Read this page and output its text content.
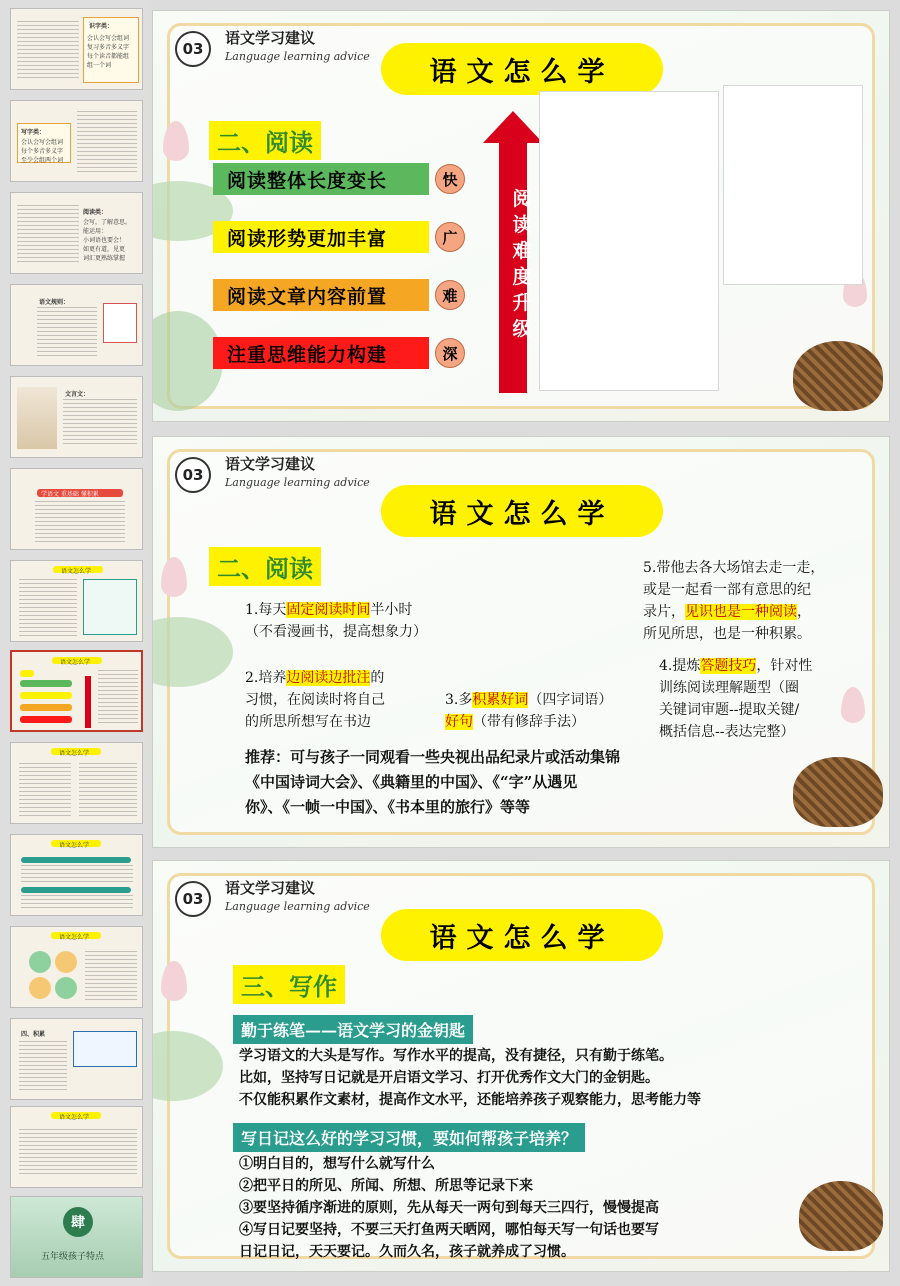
识字类：
会认会写会组词
复习多音多义字
每个读音都能组
组一个词
写字类：
会认会写会组词
每个多音多义字
至少会组两个词
阅读类：
会写，了解意思。
能运用：
小词语也要会！
如更有道，见更
词汇更熟练掌握
语文规则：
文言文：
学语文 重基础 懂积累
语文怎么学
语文怎么学
语文怎么学
语文怎么学
语文怎么学
四、积累
语文怎么学
肆
五年级孩子特点
03
语文学习建议
Language learning advice	语文怎么学
二、阅读
阅读整体长度变长	快
阅读形势更加丰富	广
阅读文章内容前置	难
注重思维能力构建	深
阅读难度升级
03
语文学习建议
Language learning advice
语文怎么学
二、阅读
1.每天固定阅读时间半小时
（不看漫画书，提高想象力）
2.培养边阅读边批注的
习惯，在阅读时将自己
的所思所想写在书边
3.多积累好词（四字词语）
好句（带有修辞手法）
4.提炼答题技巧，针对性
训练阅读理解题型（圈
关键词审题--提取关键/
概括信息--表达完整）
5.带他去各大场馆去走一走，
或是一起看一部有意思的纪
录片，见识也是一种阅读，
所见所思，也是一种积累。
推荐：可与孩子一同观看一些央视出品纪录片或活动集锦
《中国诗词大会》、《典籍里的中国》、《“字”从遇见
你》、《一帧一中国》、《书本里的旅行》等等
03
语文学习建议
Language learning advice
语文怎么学
三、写作
勤于练笔——语文学习的金钥匙
学习语文的大头是写作。写作水平的提高，没有捷径，只有勤于练笔。
比如，坚持写日记就是开启语文学习、打开优秀作文大门的金钥匙。
不仅能积累作文素材，提高作文水平，还能培养孩子观察能力，思考能力等
写日记这么好的学习习惯，要如何帮孩子培养？
①明白目的，想写什么就写什么
②把平日的所见、所闻、所想、所思等记录下来
③要坚持循序渐进的原则，先从每天一两句到每天三四行，慢慢提高
④写日记要坚持，不要三天打鱼两天晒网，哪怕每天写一句话也要写
日记日记，天天要记。久而久名，孩子就养成了习惯。
